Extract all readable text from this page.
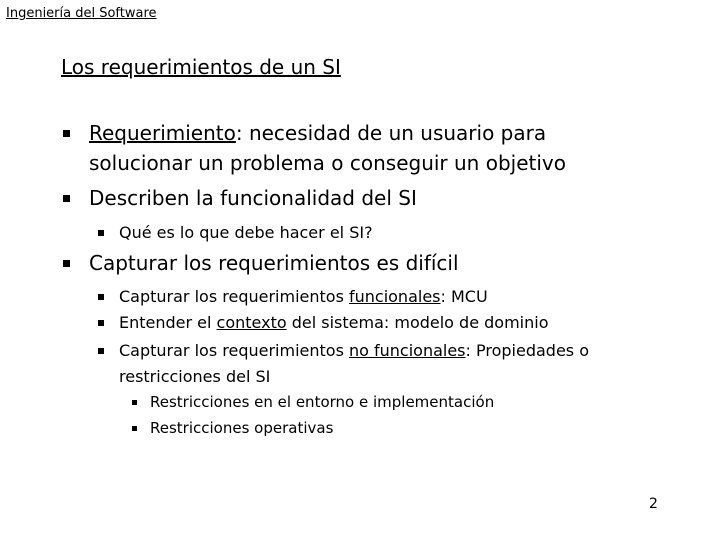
Ingeniería del Software
Los requerimientos de un SI
Requerimiento: necesidad de un usuario para
solucionar un problema o conseguir un objetivo
Describen la funcionalidad del SI
Qué es lo que debe hacer el SI?
Capturar los requerimientos es difícil
Capturar los requerimientos funcionales: MCU
Entender el contexto del sistema: modelo de dominio
Capturar los requerimientos no funcionales: Propiedades o
restricciones del SI
Restricciones en el entorno e implementación
Restricciones operativas
2
